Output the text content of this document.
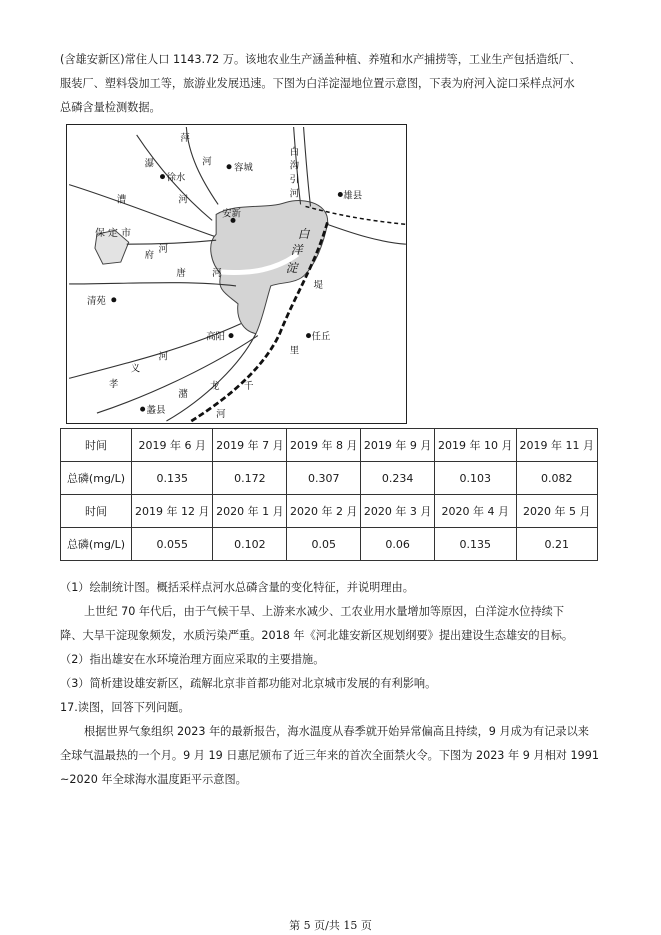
(含雄安新区)常住人口 1143.72 万。该地农业生产涵盖种植、养殖和水产捕捞等，工业生产包括造纸厂、
服装厂、塑料袋加工等，旅游业发展迅速。下图为白洋淀湿地位置示意图，下表为府河入淀口采样点河水
总磷含量检测数据。
萍
瀑	河
徐水
容城
白
沟
引
河	雄县
漕	河
安新
保 定 市
府
河
白
洋
淀
唐	河
清苑
堤
高阳	任丘
里
河
义
孝
潴
龙	千
蠡县	河
时间	2019 年 6 月	2019 年 7 月	2019 年 8 月	2019 年 9 月	2019 年 10 月	2019 年 11 月
总磷(mg/L)	0.135	0.172	0.307	0.234	0.103	0.082
时间	2019 年 12 月	2020 年 1 月	2020 年 2 月	2020 年 3 月	2020 年 4 月	2020 年 5 月
总磷(mg/L)	0.055	0.102	0.05	0.06	0.135	0.21
（1）绘制统计图。概括采样点河水总磷含量的变化特征，并说明理由。
上世纪 70 年代后，由于气候干旱、上游来水减少、工农业用水量增加等原因，白洋淀水位持续下
降、大旱干淀现象频发，水质污染严重。2018 年《河北雄安新区规划纲要》提出建设生态雄安的目标。
（2）指出雄安在水环境治理方面应采取的主要措施。
（3）简析建设雄安新区，疏解北京非首都功能对北京城市发展的有利影响。
17.读图，回答下列问题。
根据世界气象组织 2023 年的最新报告，海水温度从春季就开始异常偏高且持续，9 月成为有记录以来
全球气温最热的一个月。9 月 19 日惠尼颁布了近三年来的首次全面禁火令。下图为 2023 年 9 月相对 1991
~2020 年全球海水温度距平示意图。
第 5 页/共 15 页
